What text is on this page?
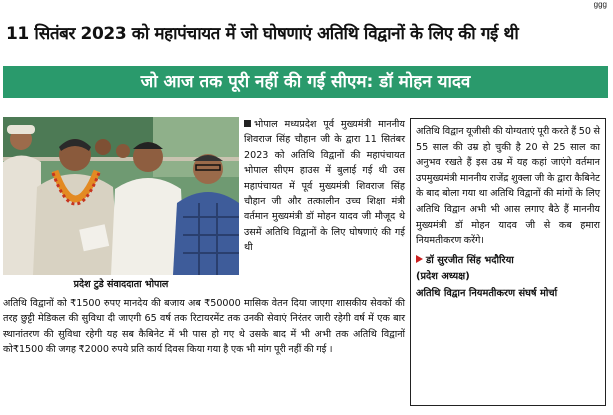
ggg
11 सितंबर 2023 को महापंचायत में जो घोषणाएं अतिथि विद्वानों के लिए की गई थी
जो आज तक पूरी नहीं की गई सीएम: डॉ मोहन यादव
प्रदेश टुडे संवाददाता भोपाल
भोपाल मध्यप्रदेश पूर्व मुख्यमंत्री माननीय शिवराज सिंह चौहान जी के द्वारा 11 सितंबर 2023 को अतिथि विद्वानों की महापंचायत भोपाल सीएम हाउस में बुलाई गई थी उस महापंचायत में पूर्व मुख्यमंत्री शिवराज सिंह चौहान जी और तत्कालीन उच्च शिक्षा मंत्री वर्तमान मुख्यमंत्री डॉ मोहन यादव जी मौजूद थे उसमें अतिथि विद्वानों के लिए घोषणाएं की गई थी
अतिथि विद्वानों को ₹1500 रुपए मानदेय की बजाय अब ₹50000 मासिक वेतन दिया जाएगा शासकीय सेवकों की तरह छुट्टी मेडिकल की सुविधा दी जाएगी 65 वर्ष तक रिटायरमेंट तक उनकी सेवाएं निरंतर जारी रहेगी वर्ष में एक बार स्थानांतरण की सुविधा रहेगी यह सब कैबिनेट में भी पास हो गए थे उसके बाद में भी अभी तक अतिथि विद्वानों को₹1500 की जगह ₹2000 रुपये प्रति कार्य दिवस किया गया है एक भी मांग पूरी नहीं की गई ।
अतिथि विद्वान यूजीसी की योग्यताएं पूरी करते हैं 50 से 55 साल की उम्र हो चुकी है 20 से 25 साल का अनुभव रखते हैं इस उम्र में यह कहां जाएंगे वर्तमान उपमुख्यमंत्री माननीय राजेंद्र शुक्ला जी के द्वारा कैबिनेट के बाद बोला गया था अतिथि विद्वानों की मांगों के लिए अतिथि विद्वान अभी भी आस लगाए बैठे हैं माननीय मुख्यमंत्री डॉ मोहन यादव जी से कब हमारा नियमतीकरण करेंगे।
डॉ सुरजीत सिंह भदौरिया
(प्रदेश अध्यक्ष)
अतिथि विद्वान नियमतीकरण संघर्ष मोर्चा
